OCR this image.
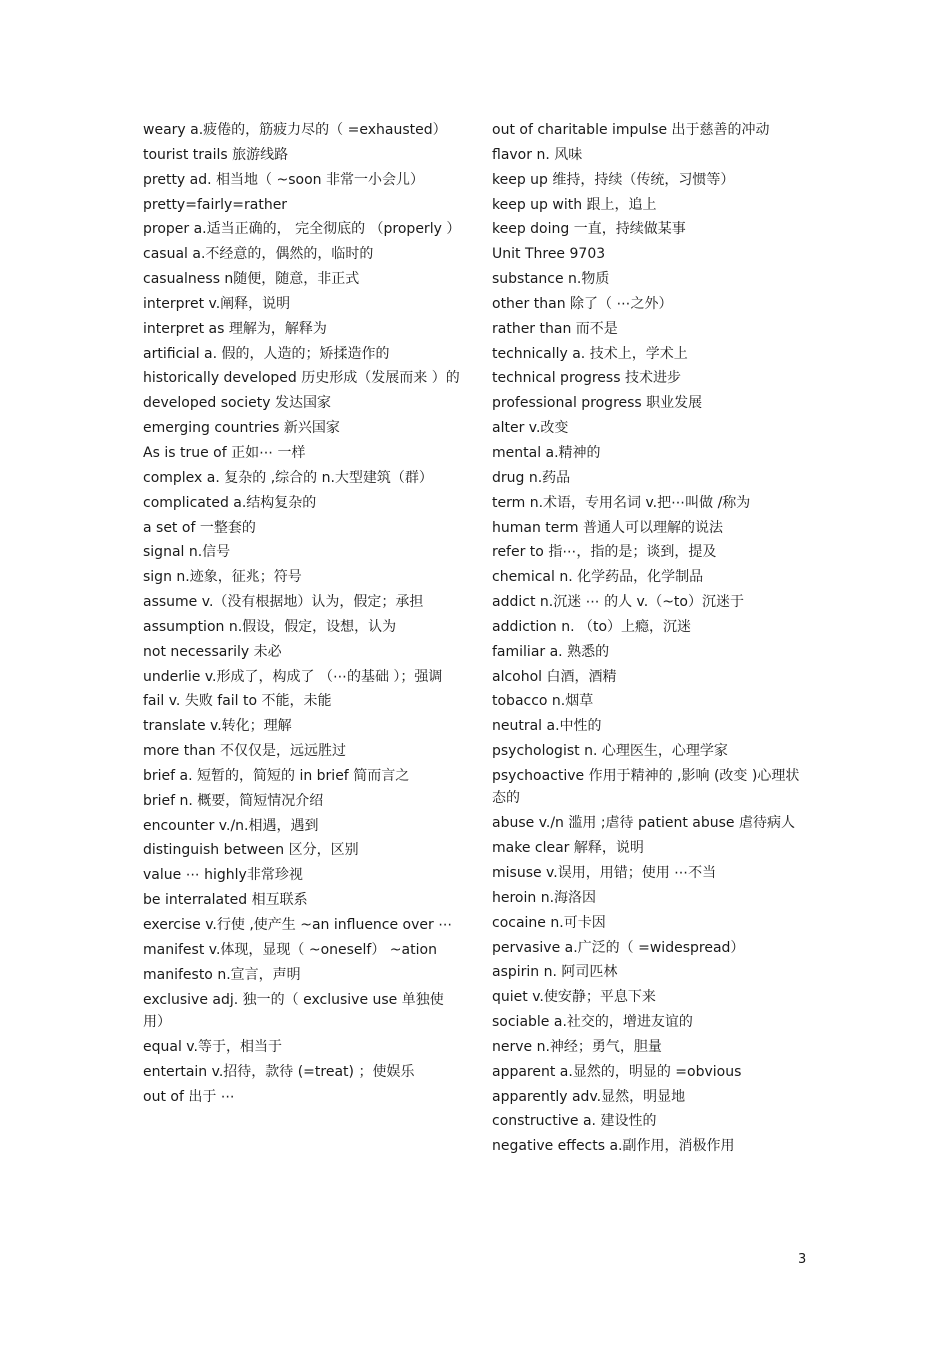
weary a.疲倦的，筋疲力尽的（ =exhausted）
tourist trails 旅游线路
pretty ad. 相当地（ ~soon 非常一小会儿）
pretty=fairly=rather
proper a.适当正确的， 完全彻底的 （properly ）
casual a.不经意的，偶然的，临时的
casualness n随便，随意，非正式
interpret v.阐释，说明
interpret as 理解为，解释为
artificial a. 假的，人造的；矫揉造作的
historically developed 历史形成（发展而来 ）的
developed society 发达国家
emerging countries 新兴国家
As is true of 正如⋯ 一样
complex a. 复杂的 ,综合的 n.大型建筑（群）
complicated a.结构复杂的
a set of 一整套的
signal n.信号
sign n.迹象，征兆；符号
assume v.（没有根据地）认为，假定；承担
assumption n.假设，假定，设想，认为
not necessarily 未必
underlie v.形成了，构成了 （⋯的基础 ）；强调
fail v. 失败 fail to 不能，未能
translate v.转化；理解
more than 不仅仅是，远远胜过
brief a. 短暂的，简短的 in brief 简而言之
brief n. 概要，简短情况介绍
encounter v./n.相遇，遇到
distinguish between 区分，区别
value ⋯ highly非常珍视
be interralated 相互联系
exercise v.行使 ,使产生 ~an influence over ⋯
manifest v.体现，显现（ ~oneself） ~ation
manifesto n.宣言，声明
exclusive adj. 独一的（ exclusive use 单独使用）
equal v.等于，相当于
entertain v.招待，款待 (=treat) ；使娱乐
out of 出于 ⋯
out of charitable impulse 出于慈善的冲动
flavor n. 风味
keep up 维持，持续（传统，习惯等）
keep up with 跟上，追上
keep doing 一直，持续做某事
Unit Three 9703
substance n.物质
other than 除了（ ⋯之外）
rather than 而不是
technically a. 技术上，学术上
technical progress 技术进步
professional progress 职业发展
alter v.改变
mental a.精神的
drug n.药品
term n.术语，专用名词 v.把⋯叫做 /称为
human term 普通人可以理解的说法
refer to 指⋯，指的是；谈到，提及
chemical n. 化学药品，化学制品
addict n.沉迷 ⋯ 的人 v.（~to）沉迷于
addiction n. （to）上瘾，沉迷
familiar a. 熟悉的
alcohol 白酒，酒精
tobacco n.烟草
neutral a.中性的
psychologist n. 心理医生，心理学家
psychoactive 作用于精神的 ,影响 (改变 )心理状态的
abuse v./n 滥用 ;虐待 patient abuse 虐待病人
make clear 解释，说明
misuse v.误用，用错；使用 ⋯不当
heroin n.海洛因
cocaine n.可卡因
pervasive a.广泛的（ =widespread）
aspirin n. 阿司匹林
quiet v.使安静；平息下来
sociable a.社交的，增进友谊的
nerve n.神经；勇气，胆量
apparent a.显然的，明显的 =obvious
apparently adv.显然，明显地
constructive a. 建设性的
negative effects a.副作用，消极作用
3
